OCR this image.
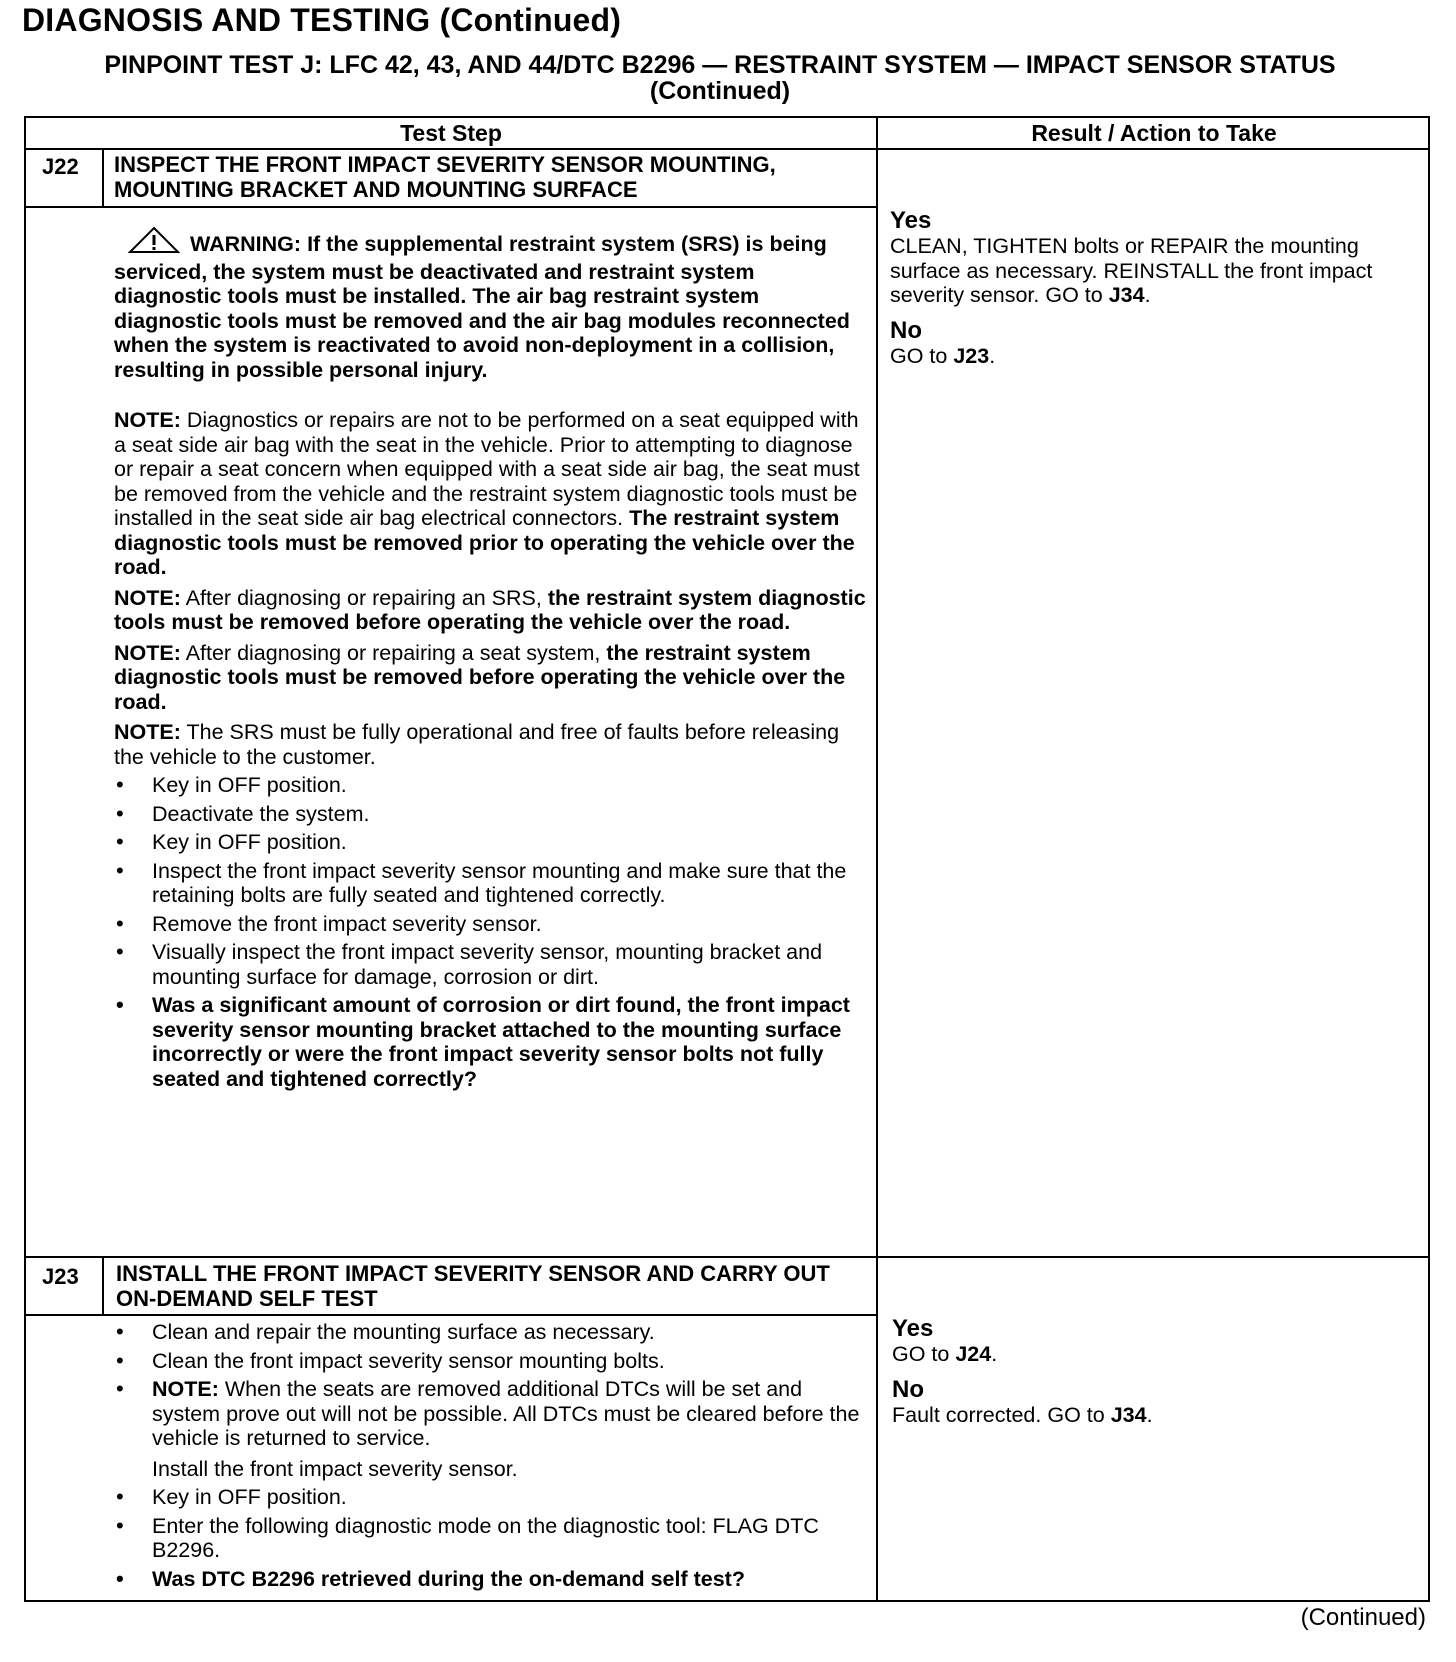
DIAGNOSIS AND TESTING (Continued)
PINPOINT TEST J: LFC 42, 43, AND 44/DTC B2296 — RESTRAINT SYSTEM — IMPACT SENSOR STATUS (Continued)
Test Step	Result / Action to Take
J22 INSPECT THE FRONT IMPACT SEVERITY SENSOR MOUNTING, MOUNTING BRACKET AND MOUNTING SURFACE

WARNING: If the supplemental restraint system (SRS) is being serviced, the system must be deactivated and restraint system diagnostic tools must be installed. The air bag restraint system diagnostic tools must be removed and the air bag modules reconnected when the system is reactivated to avoid non-deployment in a collision, resulting in possible personal injury.

NOTE: Diagnostics or repairs are not to be performed on a seat equipped with a seat side air bag with the seat in the vehicle. Prior to attempting to diagnose or repair a seat concern when equipped with a seat side air bag, the seat must be removed from the vehicle and the restraint system diagnostic tools must be installed in the seat side air bag electrical connectors. The restraint system diagnostic tools must be removed prior to operating the vehicle over the road.

NOTE: After diagnosing or repairing an SRS, the restraint system diagnostic tools must be removed before operating the vehicle over the road.

NOTE: After diagnosing or repairing a seat system, the restraint system diagnostic tools must be removed before operating the vehicle over the road.

NOTE: The SRS must be fully operational and free of faults before releasing the vehicle to the customer.

• Key in OFF position.
• Deactivate the system.
• Key in OFF position.
• Inspect the front impact severity sensor mounting and make sure that the retaining bolts are fully seated and tightened correctly.
• Remove the front impact severity sensor.
• Visually inspect the front impact severity sensor, mounting bracket and mounting surface for damage, corrosion or dirt.
• Was a significant amount of corrosion or dirt found, the front impact severity sensor mounting bracket attached to the mounting surface incorrectly or were the front impact severity sensor bolts not fully seated and tightened correctly?
Yes
CLEAN, TIGHTEN bolts or REPAIR the mounting surface as necessary. REINSTALL the front impact severity sensor. GO to J34.
No
GO to J23.
J23 INSTALL THE FRONT IMPACT SEVERITY SENSOR AND CARRY OUT ON-DEMAND SELF TEST
• Clean and repair the mounting surface as necessary.
• Clean the front impact severity sensor mounting bolts.
• NOTE: When the seats are removed additional DTCs will be set and system prove out will not be possible. All DTCs must be cleared before the vehicle is returned to service.
Install the front impact severity sensor.
• Key in OFF position.
• Enter the following diagnostic mode on the diagnostic tool: FLAG DTC B2296.
• Was DTC B2296 retrieved during the on-demand self test?
Yes
GO to J24.
No
Fault corrected. GO to J34.
(Continued)
